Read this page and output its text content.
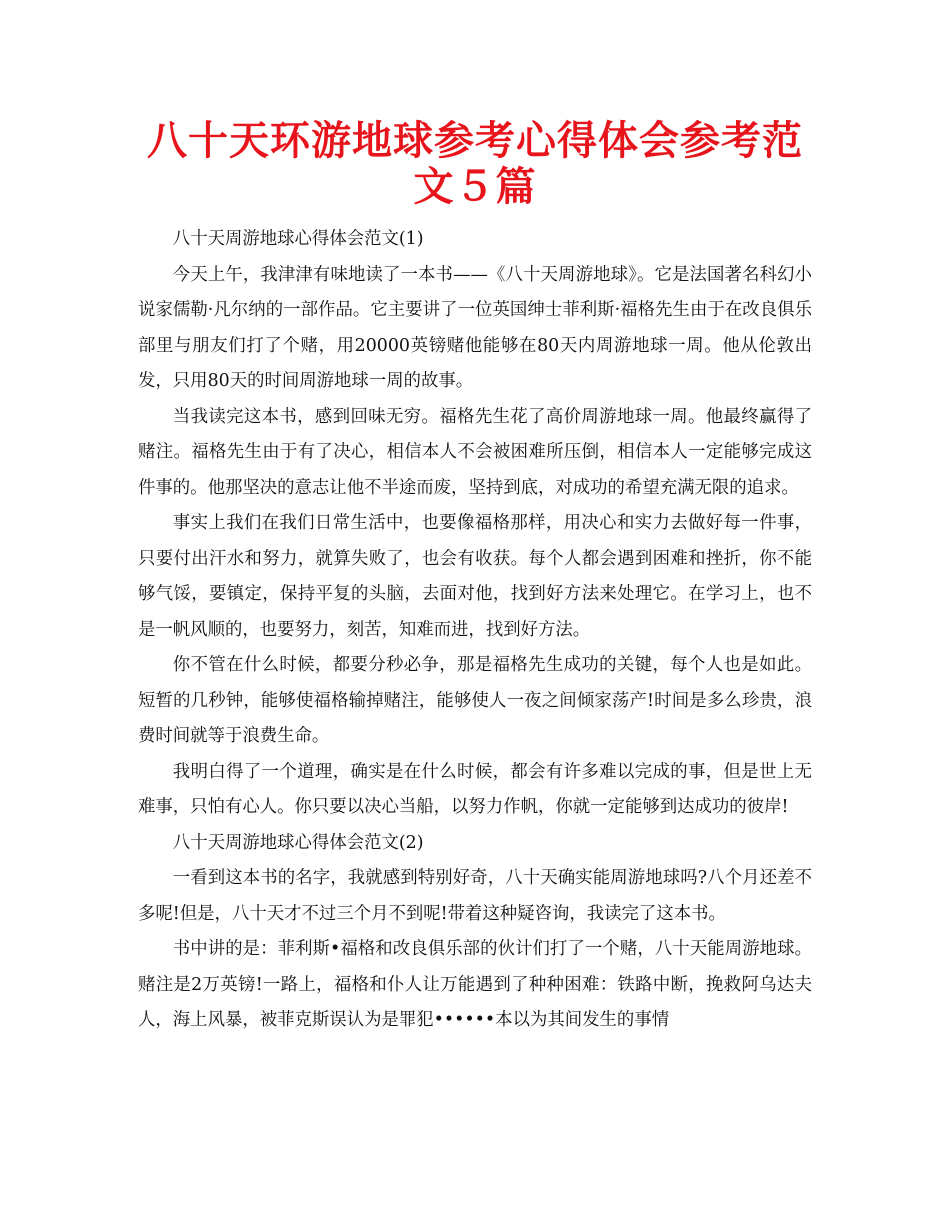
八十天环游地球参考心得体会参考范文５篇

八十天周游地球心得体会范文(1)

今天上午，我津津有味地读了一本书——《八十天周游地球》。它是法国著名科幻小说家儒勒·凡尔纳的一部作品。它主要讲了一位英国绅士菲利斯·福格先生由于在改良俱乐部里与朋友们打了个赌，用20000英镑赌他能够在80天内周游地球一周。他从伦敦出发，只用80天的时间周游地球一周的故事。

当我读完这本书，感到回味无穷。福格先生花了高价周游地球一周。他最终赢得了赌注。福格先生由于有了决心，相信本人不会被困难所压倒，相信本人一定能够完成这件事的。他那坚决的意志让他不半途而废，坚持到底，对成功的希望充满无限的追求。

事实上我们在我们日常生活中，也要像福格那样，用决心和实力去做好每一件事，只要付出汗水和努力，就算失败了，也会有收获。每个人都会遇到困难和挫折，你不能够气馁，要镇定，保持平复的头脑，去面对他，找到好方法来处理它。在学习上，也不是一帆风顺的，也要努力，刻苦，知难而进，找到好方法。

你不管在什么时候，都要分秒必争，那是福格先生成功的关键，每个人也是如此。短暂的几秒钟，能够使福格输掉赌注，能够使人一夜之间倾家荡产!时间是多么珍贵，浪费时间就等于浪费生命。

我明白得了一个道理，确实是在什么时候，都会有许多难以完成的事，但是世上无难事，只怕有心人。你只要以决心当船，以努力作帆，你就一定能够到达成功的彼岸!

八十天周游地球心得体会范文(2)

一看到这本书的名字，我就感到特别好奇，八十天确实能周游地球吗?八个月还差不多呢!但是，八十天才不过三个月不到呢!带着这种疑咨询，我读完了这本书。

书中讲的是：菲利斯•福格和改良俱乐部的伙计们打了一个赌，八十天能周游地球。赌注是2万英镑!一路上，福格和仆人让万能遇到了种种困难：铁路中断，挽救阿乌达夫人，海上风暴，被菲克斯误认为是罪犯••••••本以为其间发生的事情
